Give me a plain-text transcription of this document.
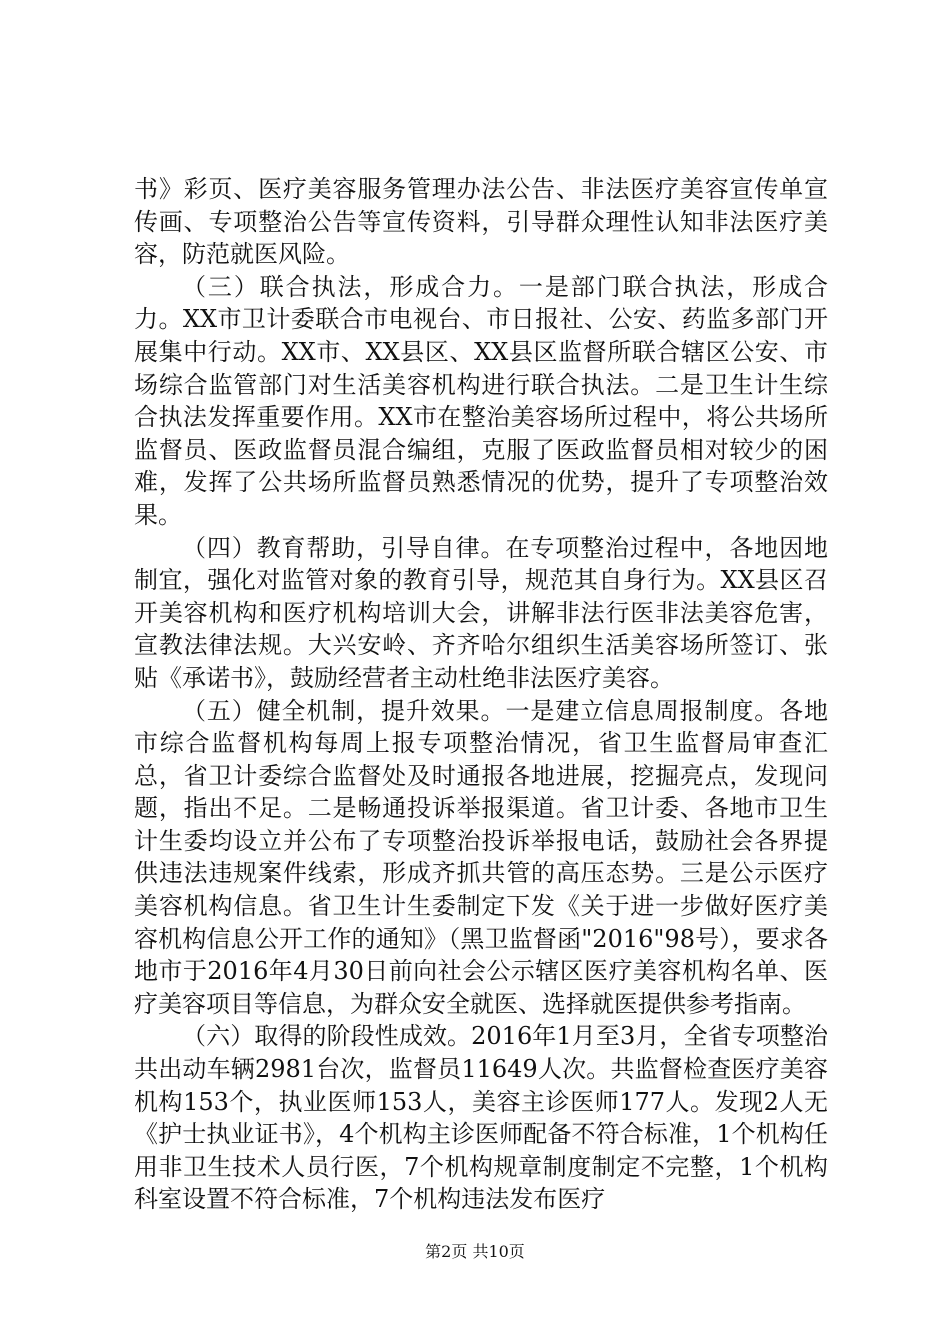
书》彩页、医疗美容服务管理办法公告、非法医疗美容宣传单宣传画、专项整治公告等宣传资料，引导群众理性认知非法医疗美容，防范就医风险。

（三）联合执法，形成合力。一是部门联合执法，形成合力。XX市卫计委联合市电视台、市日报社、公安、药监多部门开展集中行动。XX市、XX县区、XX县区监督所联合辖区公安、市场综合监管部门对生活美容机构进行联合执法。二是卫生计生综合执法发挥重要作用。XX市在整治美容场所过程中，将公共场所监督员、医政监督员混合编组，克服了医政监督员相对较少的困难，发挥了公共场所监督员熟悉情况的优势，提升了专项整治效果。

（四）教育帮助，引导自律。在专项整治过程中，各地因地制宜，强化对监管对象的教育引导，规范其自身行为。XX县区召开美容机构和医疗机构培训大会，讲解非法行医非法美容危害，宣教法律法规。大兴安岭、齐齐哈尔组织生活美容场所签订、张贴《承诺书》，鼓励经营者主动杜绝非法医疗美容。

（五）健全机制，提升效果。一是建立信息周报制度。各地市综合监督机构每周上报专项整治情况，省卫生监督局审查汇总，省卫计委综合监督处及时通报各地进展，挖掘亮点，发现问题，指出不足。二是畅通投诉举报渠道。省卫计委、各地市卫生计生委均设立并公布了专项整治投诉举报电话，鼓励社会各界提供违法违规案件线索，形成齐抓共管的高压态势。三是公示医疗美容机构信息。省卫生计生委制定下发《关于进一步做好医疗美容机构信息公开工作的通知》（黑卫监督函"2016"98号），要求各地市于2016年4月30日前向社会公示辖区医疗美容机构名单、医疗美容项目等信息，为群众安全就医、选择就医提供参考指南。

（六）取得的阶段性成效。2016年1月至3月，全省专项整治共出动车辆2981台次，监督员11649人次。共监督检查医疗美容机构153个，执业医师153人，美容主诊医师177人。发现2人无《护士执业证书》，4个机构主诊医师配备不符合标准，1个机构任用非卫生技术人员行医，7个机构规章制度制定不完整，1个机构科室设置不符合标准，7个机构违法发布医疗

第2页 共10页
